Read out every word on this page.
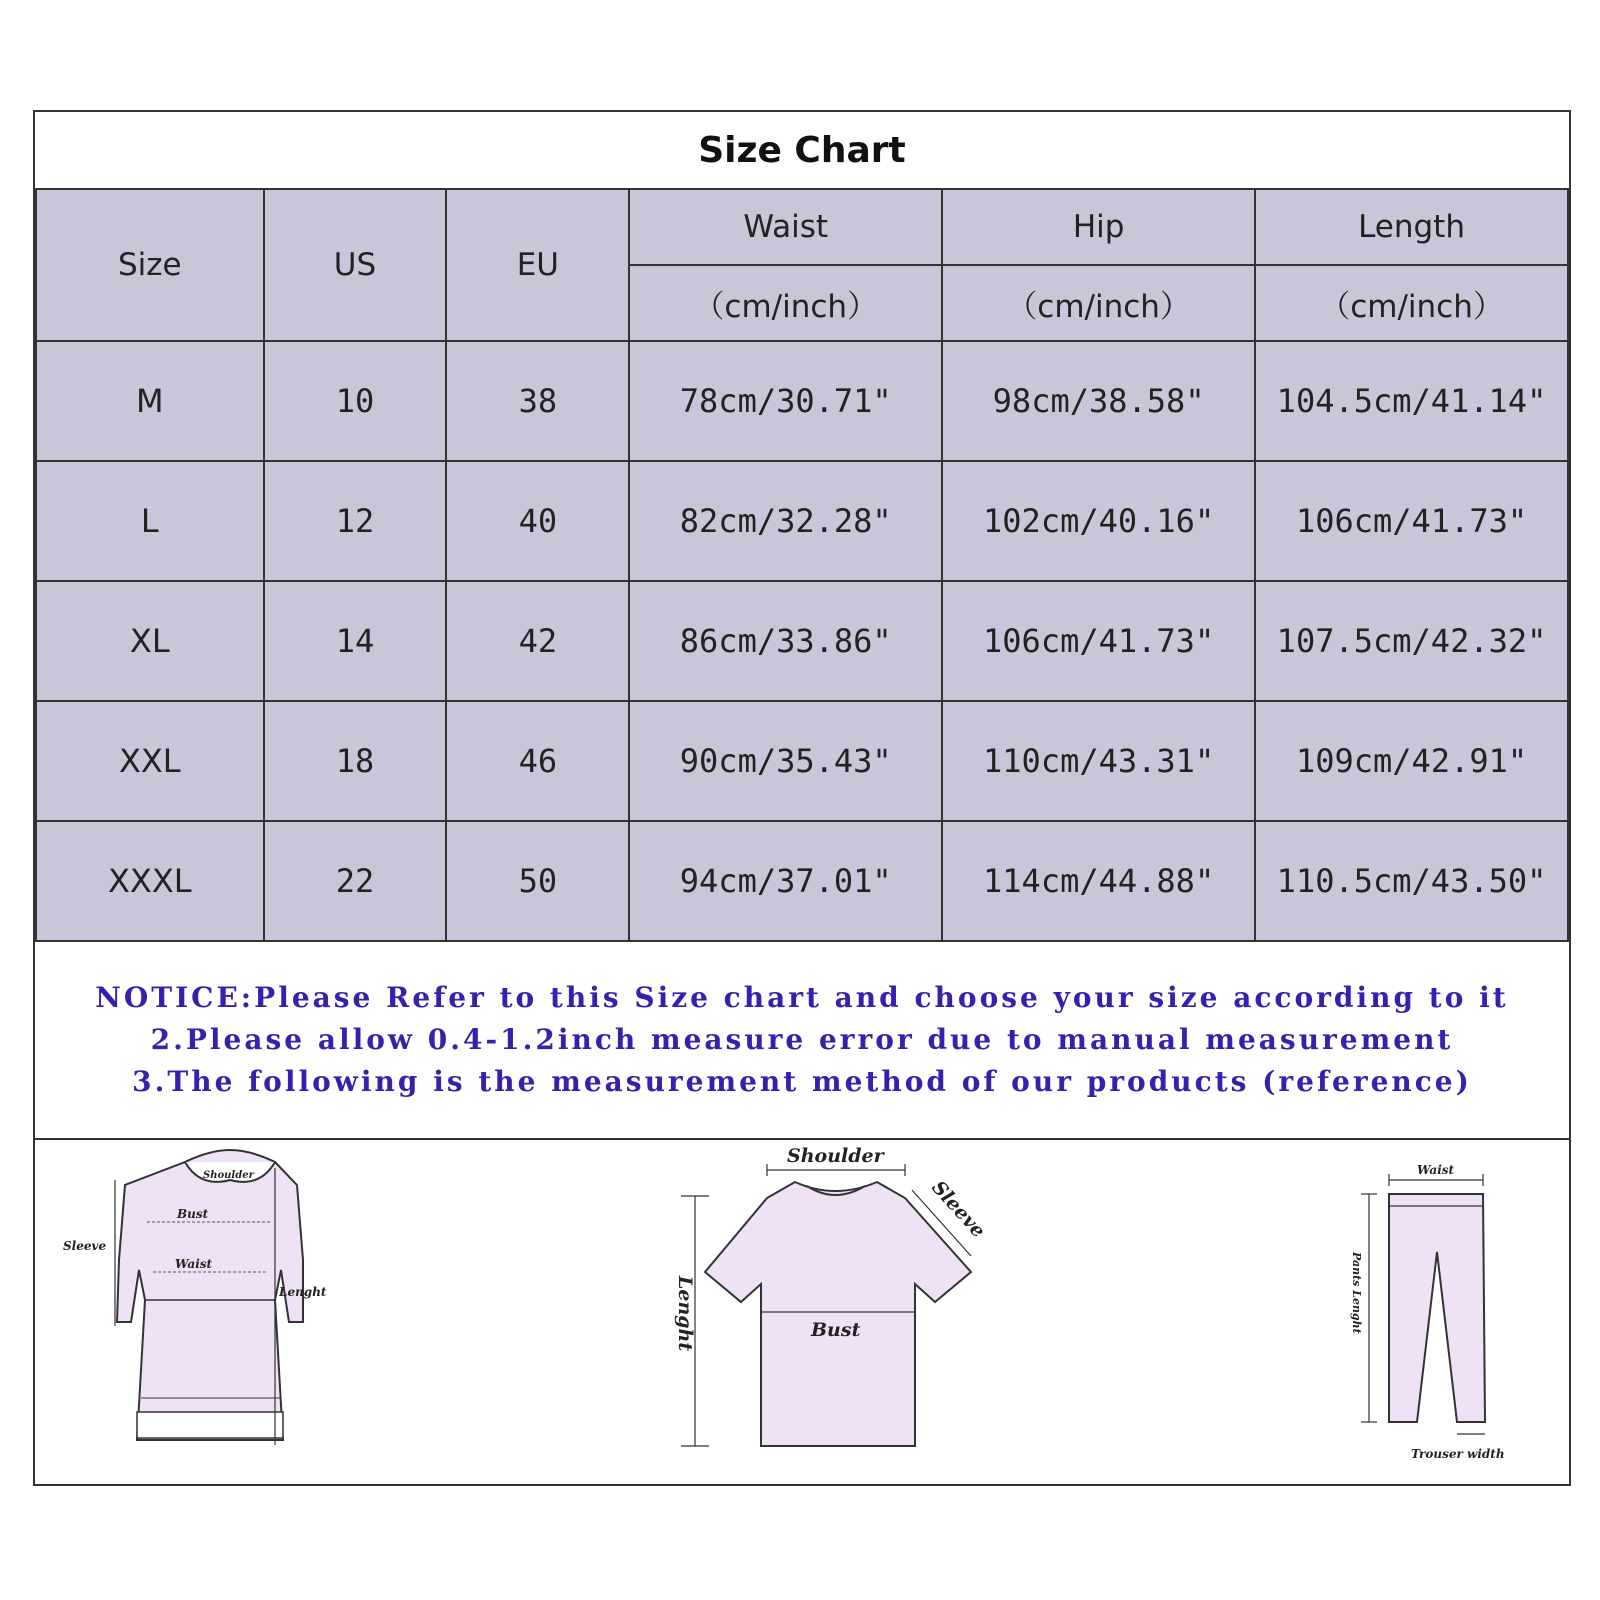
Size Chart
Size	US	EU	Waist	Hip	Length
			（cm/inch）	（cm/inch）	（cm/inch）
M	10	38	78cm/30.71"	98cm/38.58"	104.5cm/41.14"
L	12	40	82cm/32.28"	102cm/40.16"	106cm/41.73"
XL	14	42	86cm/33.86"	106cm/41.73"	107.5cm/42.32"
XXL	18	46	90cm/35.43"	110cm/43.31"	109cm/42.91"
XXXL	22	50	94cm/37.01"	114cm/44.88"	110.5cm/43.50"
NOTICE:Please Refer to this Size chart and choose your size according to it
2.Please allow 0.4-1.2inch measure error due to manual measurement
3.The following is the measurement method of our products (reference)
Shoulder
Bust
Sleeve
Waist
Lenght
Shoulder
Sleeve
Lenght	Bust
Waist
Pants Lenght
Trouser width
